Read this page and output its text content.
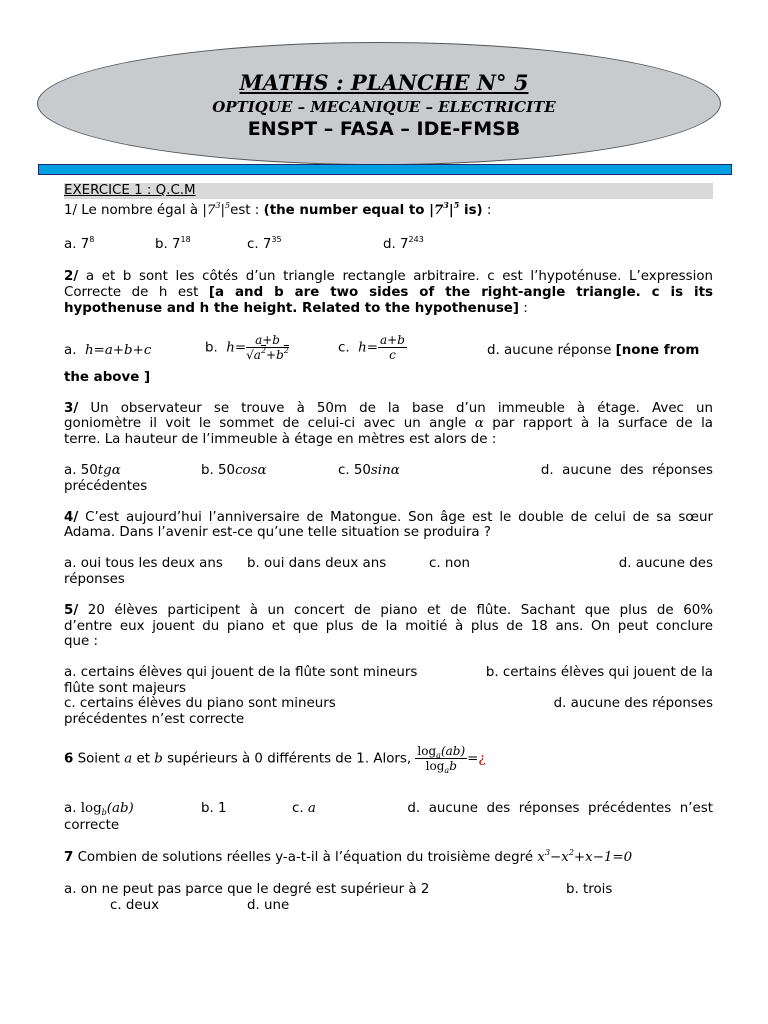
MATHS : PLANCHE N° 5
OPTIQUE – MECANIQUE – ELECTRICITE
ENSPT – FASA – IDE-FMSB
EXERCICE 1 : Q.C.M
1/ Le nombre égal à $|7^3|^5est$ : (the number equal to $|7^3|^5$ is) :
a. $7^8$	b. $7^{18}$	c. $7^{35}$	d. $7^{243}$
2/ a et b sont les côtés d’un triangle rectangle arbitraire. c est l’hypoténuse. L’expression
Correcte de h est [a and b are two sides of the right-angle triangle. c is its
hypothenuse and h the height. Related to the hypothenuse] :
a. h=a+b+c	b. $h= \frac{a+b}{√a^2+b^2}$	c. $h= \frac{a+b}{c}$	d. aucune réponse [none from
the above ]
3/ Un observateur se trouve à 50m de la base d’un immeuble à étage. Avec un
goniomètre il voit le sommet de celui-ci avec un angle α par rapport à la surface de la
terre. La hauteur de l’immeuble à étage en mètres est alors de :
a. 50tgα	b. 50cosα	c. 50sinα	d.  aucune  des  réponses
précédentes
4/ C’est aujourd’hui l’anniversaire de Matongue. Son âge est le double de celui de sa sœur
Adama. Dans l’avenir est-ce qu’une telle situation se produira ?
a. oui tous les deux ans b. oui dans deux ans	c. non	d. aucune des
réponses
5/ 20 élèves participent à un concert de piano et de flûte. Sachant que plus de 60%
d’entre eux jouent du piano et que plus de la moitié à plus de 18 ans. On peut conclure
que :
a. certains élèves qui jouent de la flûte sont mineurs	b. certains élèves qui jouent de la
flûte sont majeurs
c. certains élèves du piano sont mineurs	d. aucune des réponses
précédentes n’est correcte
6 Soient a et b supérieurs à 0 différents de 1. Alors, $\frac{\log_a(ab)}{\log_ab}$ =¿
a. $\log_b(ab)$	b. 1	c. a	d.  aucune  des  réponses  précédentes  n’est
correcte
7 Combien de solutions réelles y-a-t-il à l’équation du troisième degré $x^3-x^2+x-1=0$
a. on ne peut pas parce que le degré est supérieur à 2	b. trois
c. deux	d. une
